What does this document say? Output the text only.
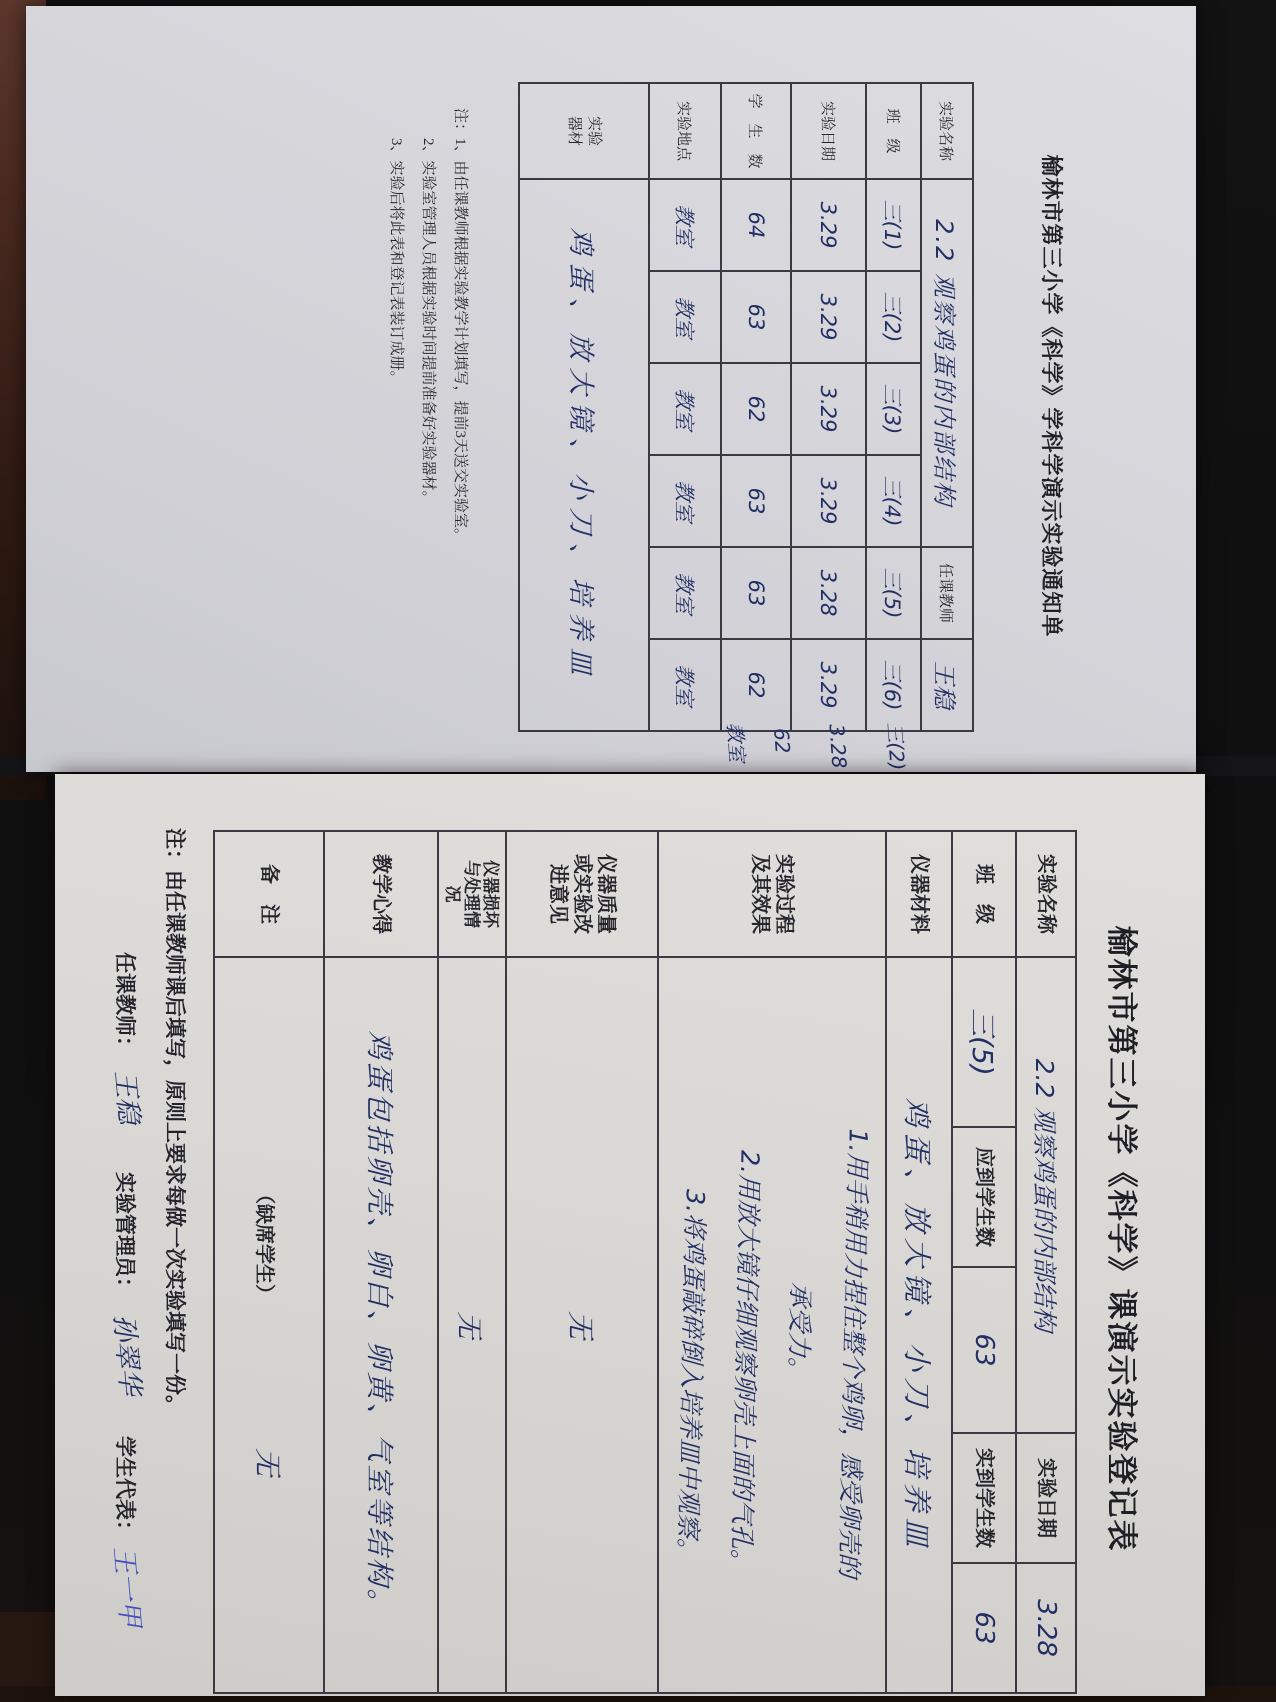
榆林市第三小学《科学》学科学演示实验通知单
实验名称	2.2 观察鸡蛋的内部结构				任课教师	王稳
班　级	三(1)	三(2)	三(3)	三(4)	三(5)	三(6)
实验日期	3.29	3.29	3.29	3.29	3.28	3.29
学　生　数	64	63	62	63	63	62
实验地点	教室	教室	教室	教室	教室	教室
实验器材	鸡蛋、放大镜、小刀、培养皿					
三(2)
3.28
62
教室
注：1、由任课教师根据实验教学计划填写，提前3天送交实验室。
2、实验室管理人员根据实验时间提前准备好实验器材。
3、实验后将此表和登记表装订成册。
榆林市第三小学《科学》课演示实验登记表
实验名称	2.2 观察鸡蛋的内部结构			实验日期	3.28
班　级	三(5)	应到学生数	63	实到学生数	63
仪器材料	鸡蛋、放大镜、小刀、培养皿				
实验过程及其效果	1.用手稍用力捏住整个鸡卵，感受卵壳的
承受力。
2.用放大镜仔细观察卵壳上面的气孔。
3.将鸡蛋敲碎倒入培养皿中观察。				

仪器质量或实验改进意见	无				
仪器损坏与处理情况	无				
教学心得	鸡蛋包括卵壳、卵白、卵黄、气室等结构。				
备　注	（缺席学生） 无				
注：由任课教师课后填写，原则上要求每做一次实验填写一份。
任课教师：
王稳
实验管理员：
孙翠华
学生代表：
王一甲
